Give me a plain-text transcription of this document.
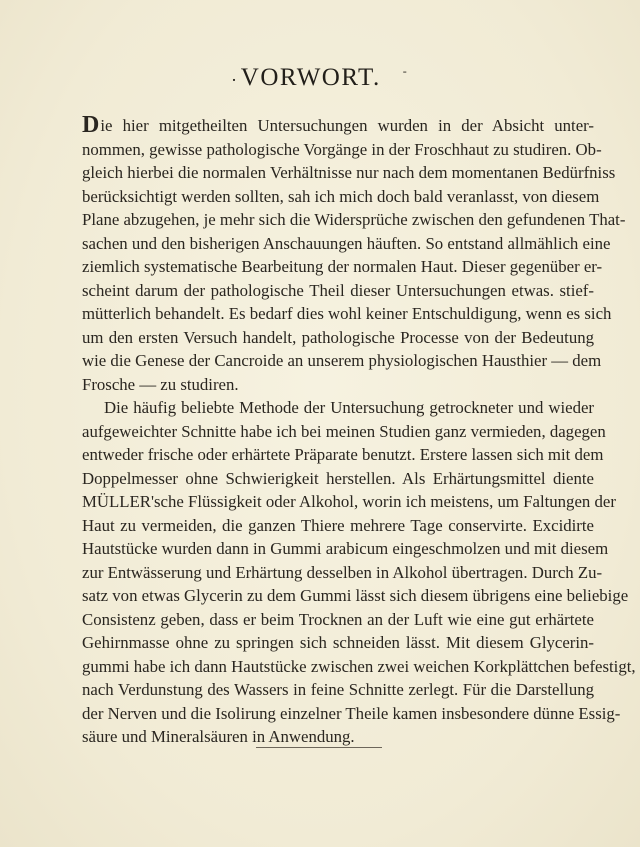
. VORWORT. -
Die hier mitgetheilten Untersuchungen wurden in der Absicht unter-
nommen, gewisse pathologische Vorgänge in der Froschhaut zu studiren. Ob-
gleich hierbei die normalen Verhältnisse nur nach dem momentanen Bedürfniss
berücksichtigt werden sollten, sah ich mich doch bald veranlasst, von diesem
Plane abzugehen, je mehr sich die Widersprüche zwischen den gefundenen That-
sachen und den bisherigen Anschauungen häuften. So entstand allmählich eine
ziemlich systematische Bearbeitung der normalen Haut. Dieser gegenüber er-
scheint darum der pathologische Theil dieser Untersuchungen etwas. stief-
mütterlich behandelt. Es bedarf dies wohl keiner Entschuldigung, wenn es sich
um den ersten Versuch handelt, pathologische Processe von der Bedeutung
wie die Genese der Cancroide an unserem physiologischen Hausthier — dem
Frosche — zu studiren.
Die häufig beliebte Methode der Untersuchung getrockneter und wieder
aufgeweichter Schnitte habe ich bei meinen Studien ganz vermieden, dagegen
entweder frische oder erhärtete Präparate benutzt. Erstere lassen sich mit dem
Doppelmesser ohne Schwierigkeit herstellen. Als Erhärtungsmittel diente
MÜLLER'sche Flüssigkeit oder Alkohol, worin ich meistens, um Faltungen der
Haut zu vermeiden, die ganzen Thiere mehrere Tage conservirte. Excidirte
Hautstücke wurden dann in Gummi arabicum eingeschmolzen und mit diesem
zur Entwässerung und Erhärtung desselben in Alkohol übertragen. Durch Zu-
satz von etwas Glycerin zu dem Gummi lässt sich diesem übrigens eine beliebige
Consistenz geben, dass er beim Trocknen an der Luft wie eine gut erhärtete
Gehirnmasse ohne zu springen sich schneiden lässt. Mit diesem Glycerin-
gummi habe ich dann Hautstücke zwischen zwei weichen Korkplättchen befestigt,
nach Verdunstung des Wassers in feine Schnitte zerlegt. Für die Darstellung
der Nerven und die Isolirung einzelner Theile kamen insbesondere dünne Essig-
säure und Mineralsäuren in Anwendung.
